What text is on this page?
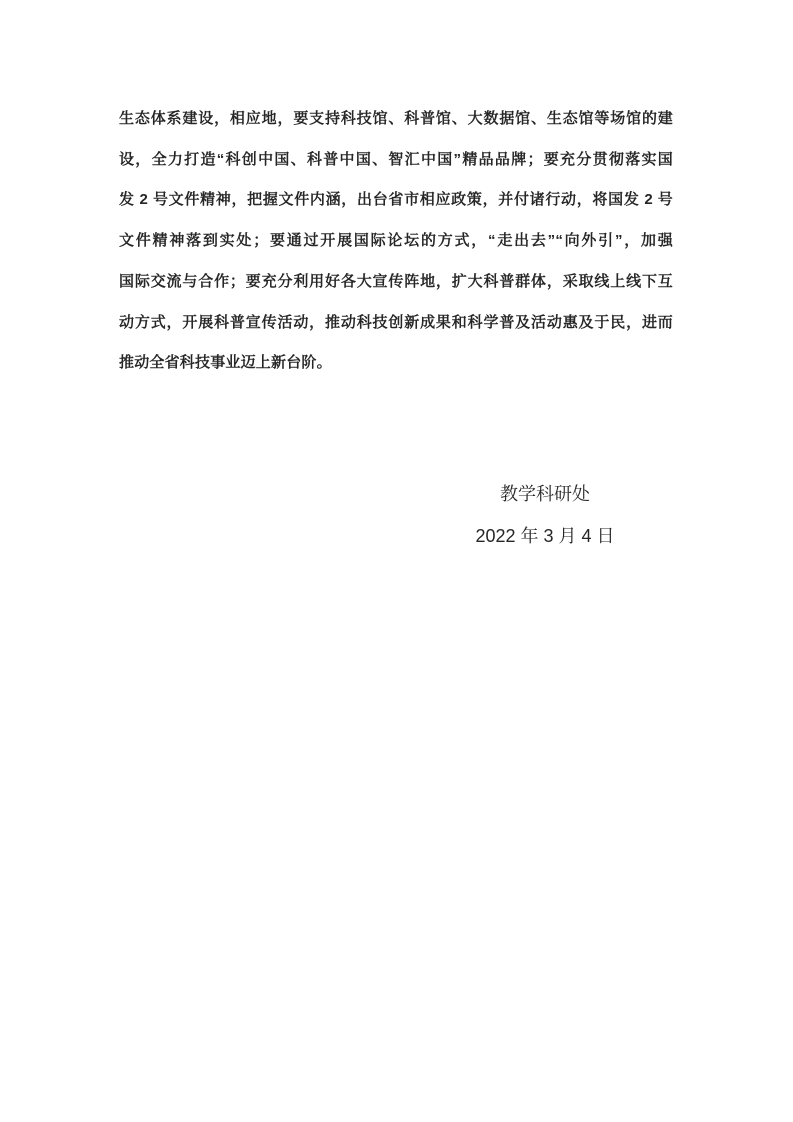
生态体系建设，相应地，要支持科技馆、科普馆、大数据馆、生态馆等场馆的建
设，全力打造“科创中国、科普中国、智汇中国”精品品牌；要充分贯彻落实国
发 2 号文件精神，把握文件内涵，出台省市相应政策，并付诸行动，将国发 2 号
文件精神落到实处；要通过开展国际论坛的方式，“走出去”“向外引”，加强
国际交流与合作；要充分利用好各大宣传阵地，扩大科普群体，采取线上线下互
动方式，开展科普宣传活动，推动科技创新成果和科学普及活动惠及于民，进而
推动全省科技事业迈上新台阶。
教学科研处
2022 年 3 月 4 日
